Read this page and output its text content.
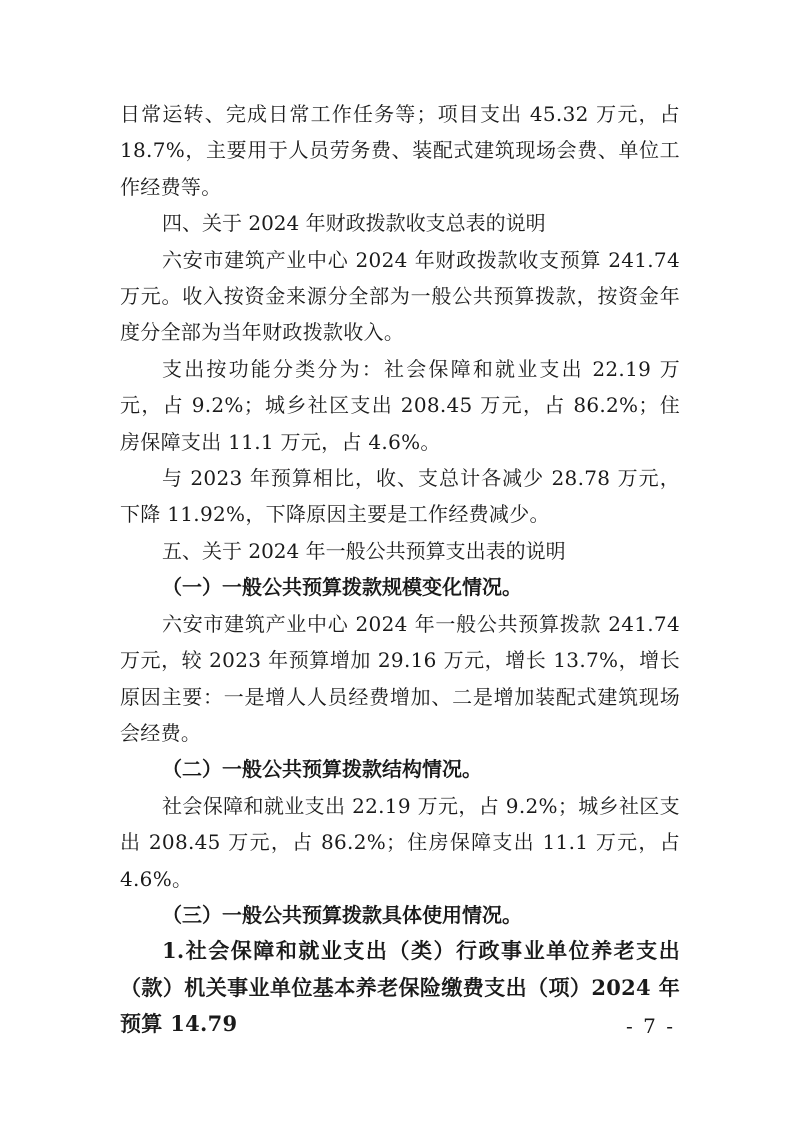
日常运转、完成日常工作任务等；项目支出 45.32 万元，占 18.7%，主要用于人员劳务费、装配式建筑现场会费、单位工作经费等。

四、关于 2024 年财政拨款收支总表的说明

六安市建筑产业中心 2024 年财政拨款收支预算 241.74 万元。收入按资金来源分全部为一般公共预算拨款，按资金年度分全部为当年财政拨款收入。

支出按功能分类分为：社会保障和就业支出 22.19 万元，占 9.2%；城乡社区支出 208.45 万元，占 86.2%；住房保障支出 11.1 万元，占 4.6%。

与 2023 年预算相比，收、支总计各减少 28.78 万元，下降 11.92%，下降原因主要是工作经费减少。

五、关于 2024 年一般公共预算支出表的说明

（一）一般公共预算拨款规模变化情况。

六安市建筑产业中心 2024 年一般公共预算拨款 241.74 万元，较 2023 年预算增加 29.16 万元，增长 13.7%，增长原因主要：一是增人人员经费增加、二是增加装配式建筑现场会经费。

（二）一般公共预算拨款结构情况。

社会保障和就业支出 22.19 万元，占 9.2%；城乡社区支出 208.45 万元，占 86.2%；住房保障支出 11.1 万元，占 4.6%。

（三）一般公共预算拨款具体使用情况。

1.社会保障和就业支出（类）行政事业单位养老支出（款）机关事业单位基本养老保险缴费支出（项）2024 年预算 14.79	- 7 -
